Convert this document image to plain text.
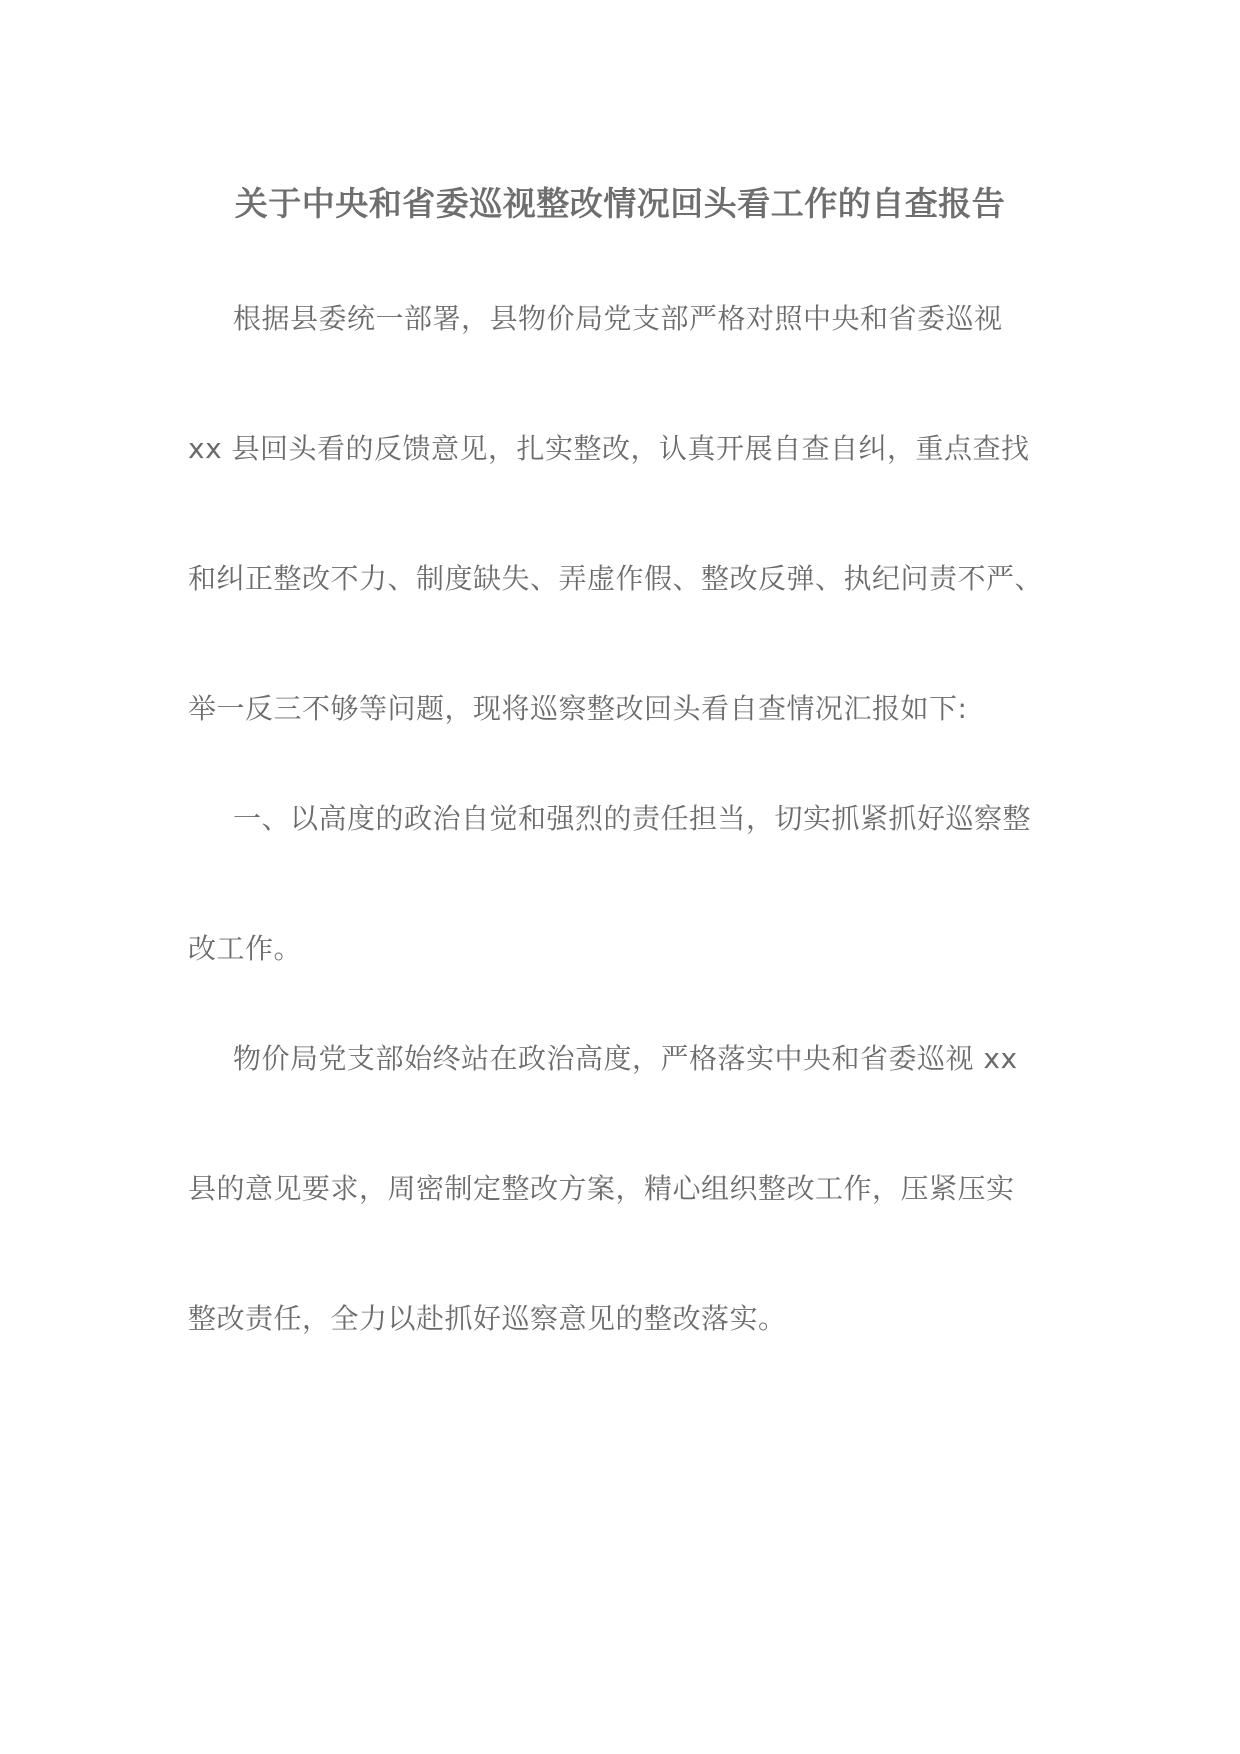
关于中央和省委巡视整改情况回头看工作的自查报告
根据县委统一部署，县物价局党支部严格对照中央和省委巡视
xx 县回头看的反馈意见，扎实整改，认真开展自查自纠，重点查找
和纠正整改不力、制度缺失、弄虚作假、整改反弹、执纪问责不严、
举一反三不够等问题，现将巡察整改回头看自查情况汇报如下:
一、以高度的政治自觉和强烈的责任担当，切实抓紧抓好巡察整
改工作。
物价局党支部始终站在政治高度，严格落实中央和省委巡视 xx
县的意见要求，周密制定整改方案，精心组织整改工作，压紧压实
整改责任，全力以赴抓好巡察意见的整改落实。
